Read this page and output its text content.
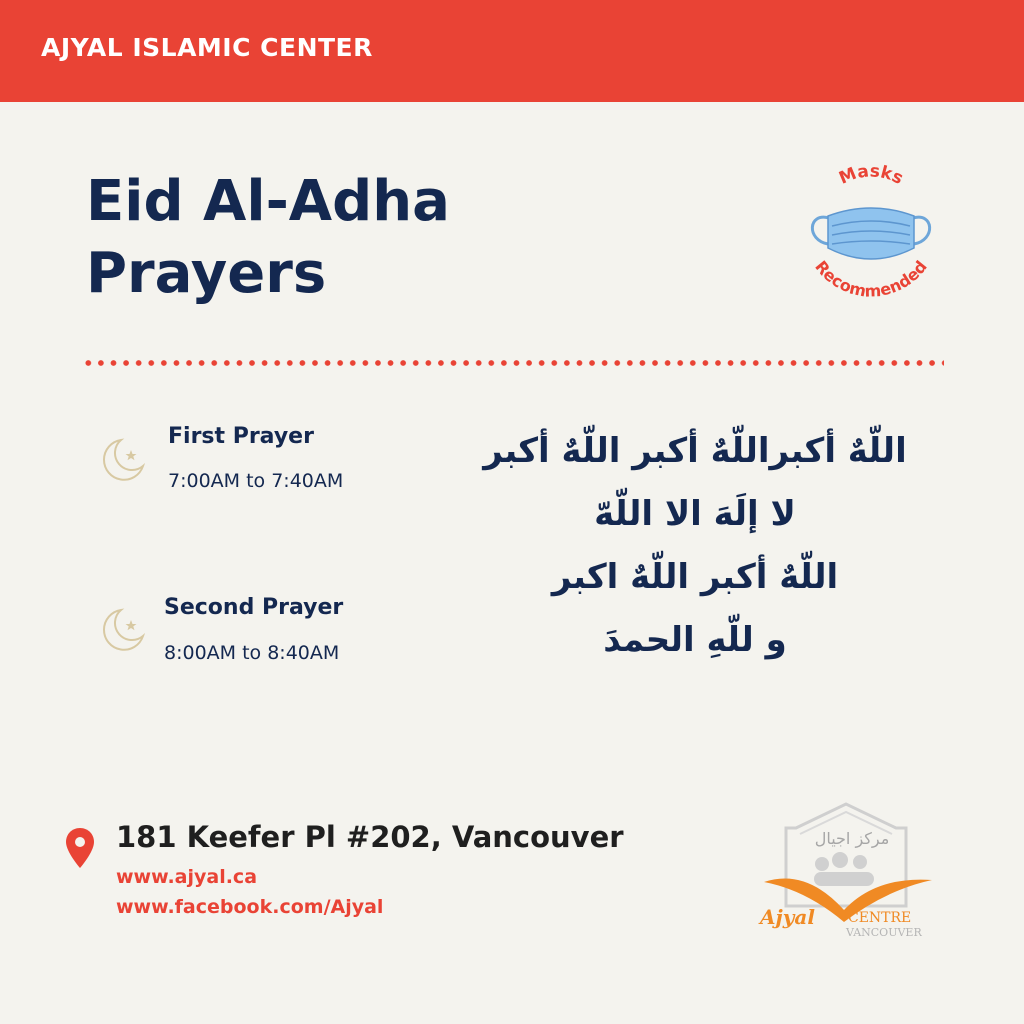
AJYAL ISLAMIC CENTER
Eid Al-Adha
Prayers
Masks
Recommended
First Prayer
7:00AM to 7:40AM
Second Prayer
8:00AM to 8:40AM
اللّهٌ أكبراللّهٌ أكبر اللّهٌ أكبر
لا إلَهَ الا اللّهّ
اللّهٌ أكبر اللّهٌ اكبر
و للّهِ الحمدَ
181 Keefer Pl #202, Vancouver
www.ajyal.ca
www.facebook.com/Ajyal
مركز اجيال
Ajyal CENTRE
VANCOUVER
